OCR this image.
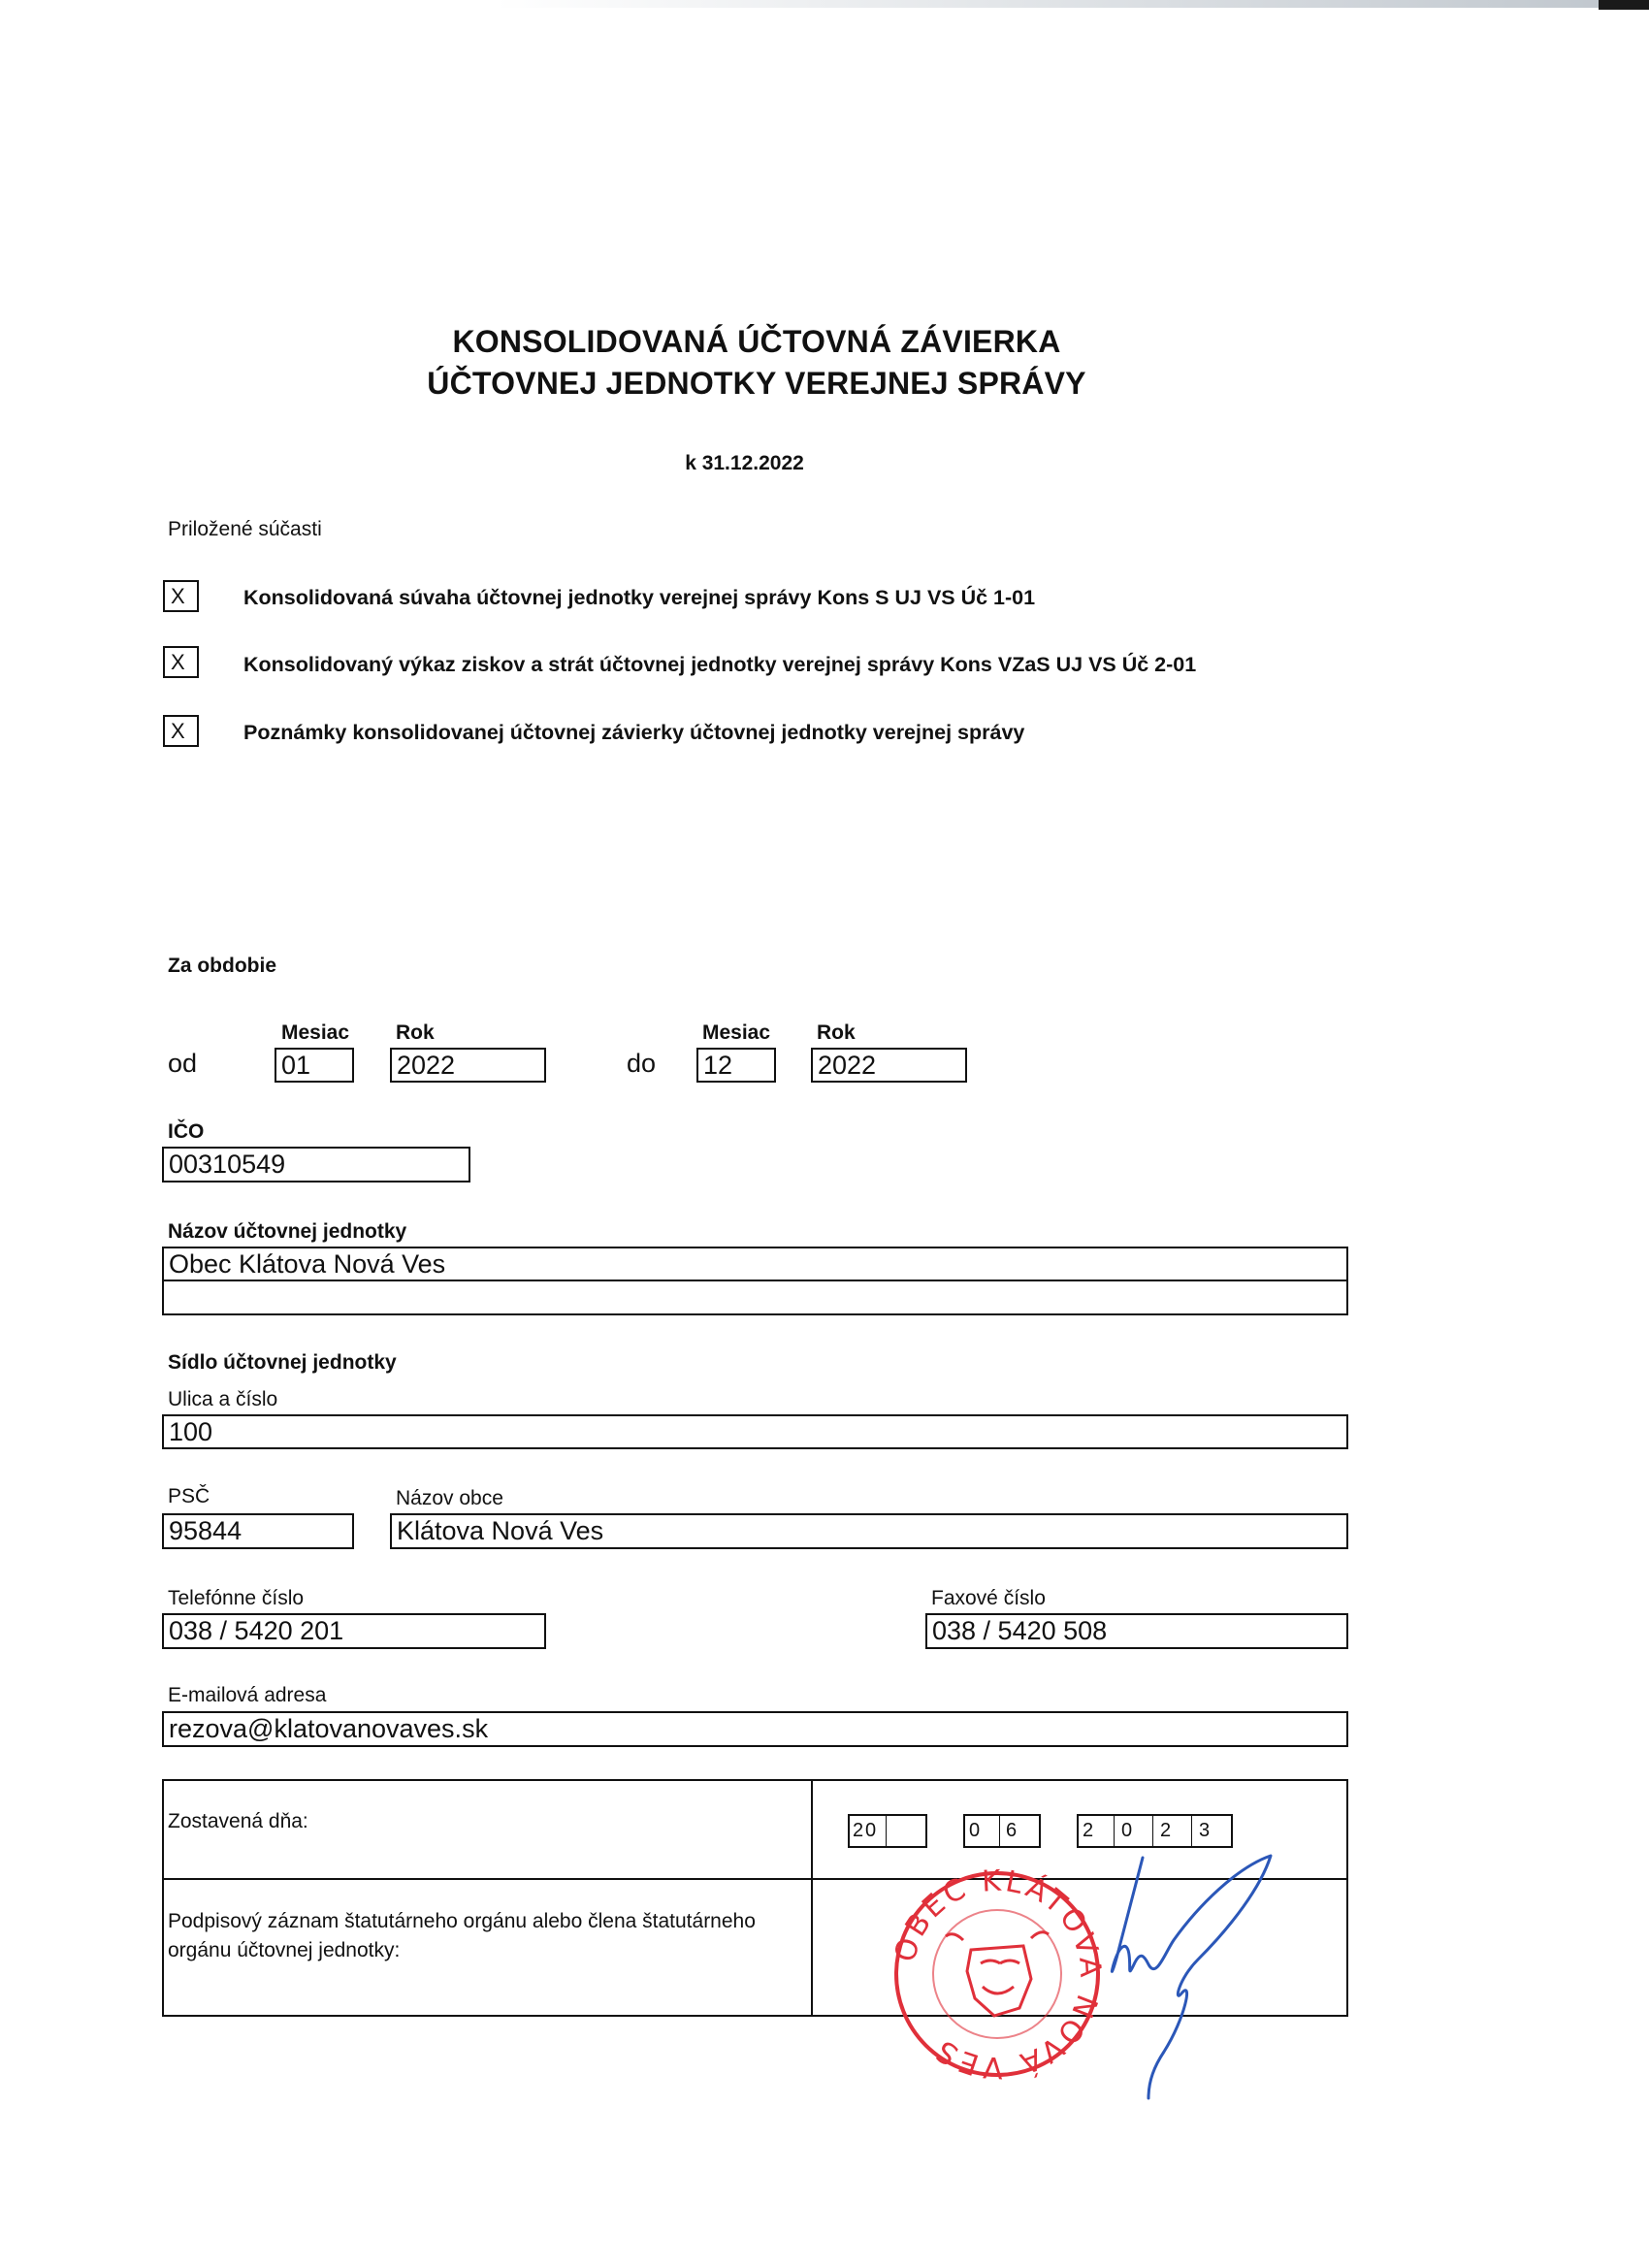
KONSOLIDOVANÁ ÚČTOVNÁ ZÁVIERKA
ÚČTOVNEJ JEDNOTKY VEREJNEJ SPRÁVY
k 31.12.2022
Priložené súčasti
X	Konsolidovaná súvaha účtovnej jednotky verejnej správy Kons S UJ VS Úč 1-01
X	Konsolidovaný výkaz ziskov a strát účtovnej jednotky verejnej správy Kons VZaS UJ VS Úč 2-01
X	Poznámky konsolidovanej účtovnej závierky účtovnej jednotky verejnej správy
Za obdobie
Mesiac Rok	Mesiac Rok
od	01	2022	do 12	2022
IČO
00310549
Názov účtovnej jednotky
Obec Klátova Nová Ves
Sídlo účtovnej jednotky
Ulica a číslo
100
PSČ	Názov obce
95844	Klátova Nová Ves
Telefónne číslo	Faxové číslo
038 / 5420 201	038 / 5420 508
E-mailová adresa
rezova@klatovanovaves.sk
Zostavená dňa:	2 0	0 6	2 0 2 3
Podpisový záznam štatutárneho orgánu alebo člena štatutárneho orgánu účtovnej jednotky:	OBEC KLÁTOVA NOVÁ VES
